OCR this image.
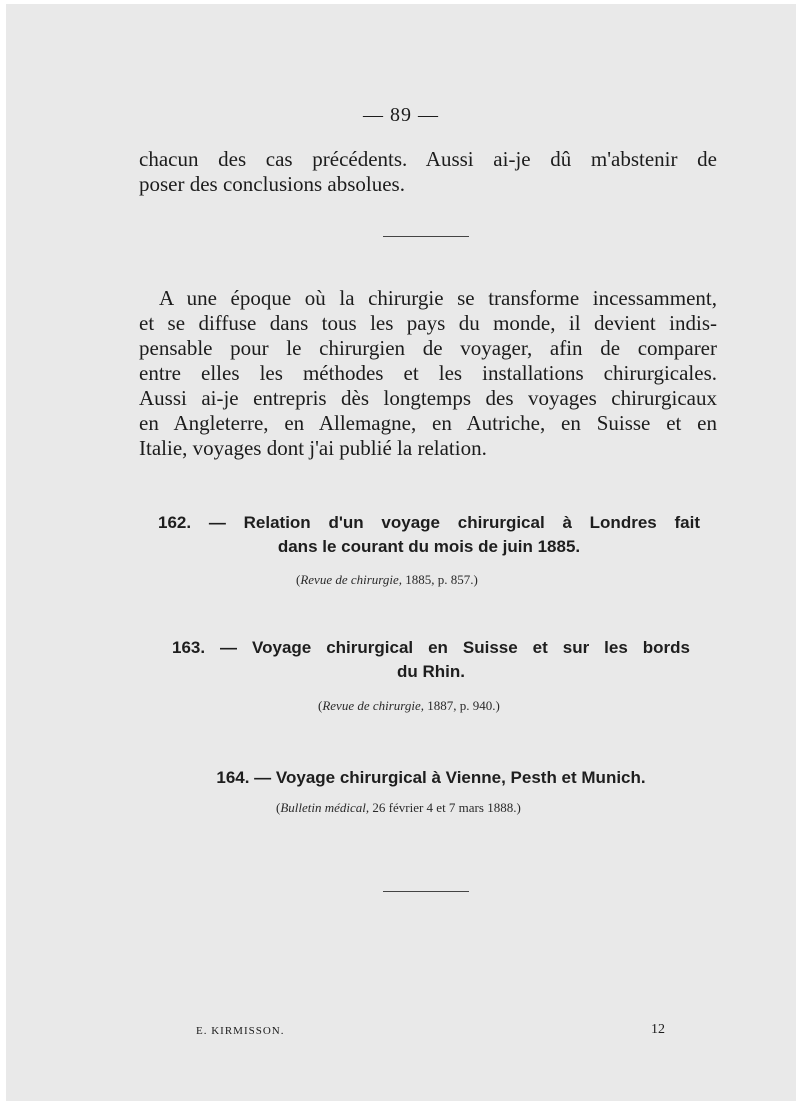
— 89 —

chacun des cas précédents. Aussi ai-je dû m'abstenir de
poser des conclusions absolues.

A une époque où la chirurgie se transforme incessamment,
et se diffuse dans tous les pays du monde, il devient indis-
pensable pour le chirurgien de voyager, afin de comparer
entre elles les méthodes et les installations chirurgicales.
Aussi ai-je entrepris dès longtemps des voyages chirurgicaux
en Angleterre, en Allemagne, en Autriche, en Suisse et en
Italie, voyages dont j'ai publié la relation.

162. — Relation d'un voyage chirurgical à Londres fait
dans le courant du mois de juin 1885.
(Revue de chirurgie, 1885, p. 857.)
163. — Voyage chirurgical en Suisse et sur les bords
du Rhin.
(Revue de chirurgie, 1887, p. 940.)
164. — Voyage chirurgical à Vienne, Pesth et Munich.
(Bulletin médical, 26 février 4 et 7 mars 1888.)
E. KIRMISSON.	12
